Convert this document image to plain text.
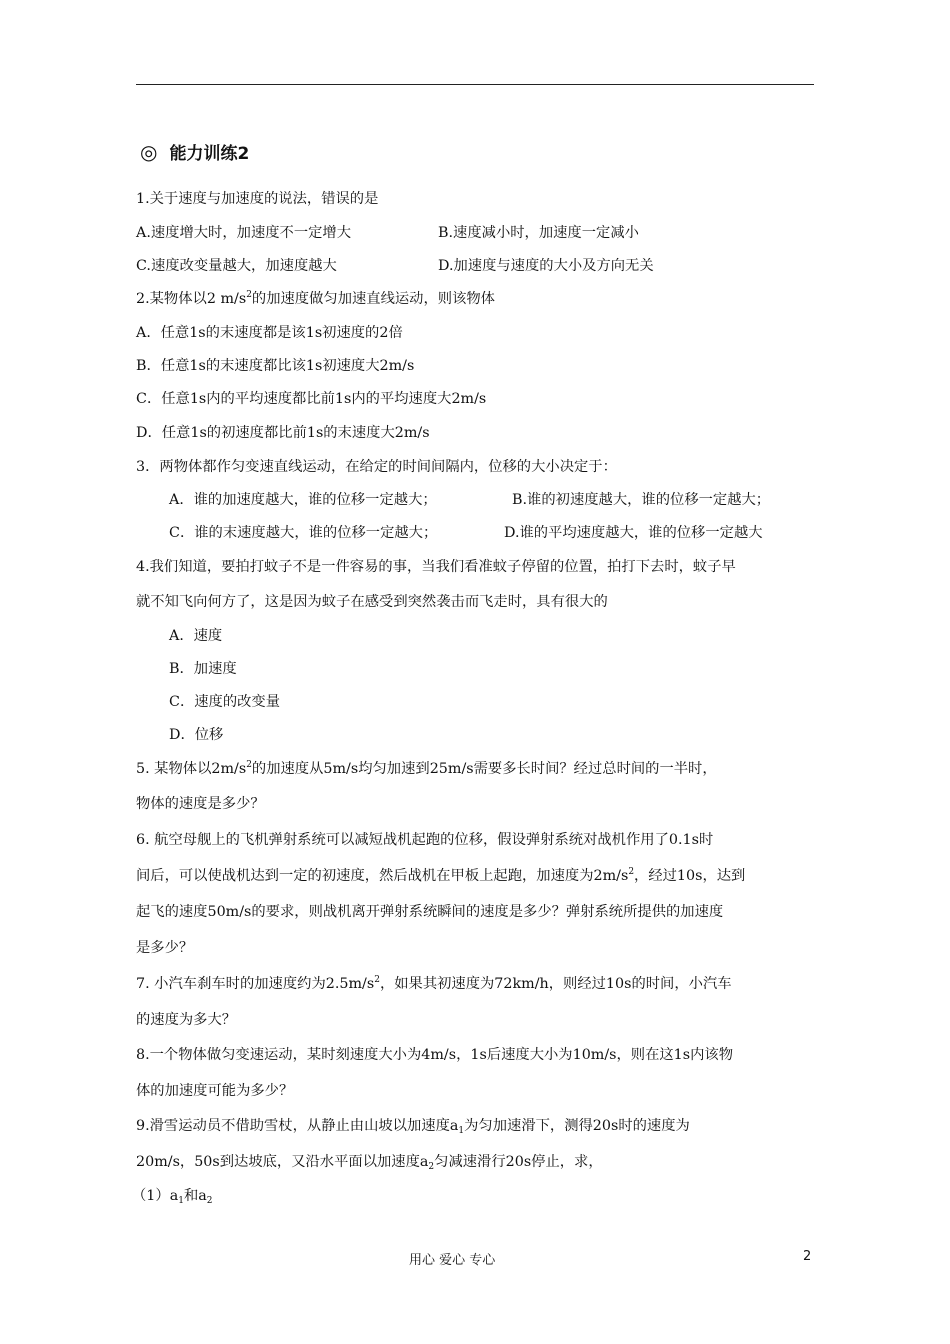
◎ 能力训练2
1.关于速度与加速度的说法，错误的是
A.速度增大时，加速度不一定增大	B.速度减小时，加速度一定减小
C.速度改变量越大，加速度越大	D.加速度与速度的大小及方向无关
2.某物体以2 $m/s^2$的加速度做匀加速直线运动，则该物体
A．任意1s的末速度都是该1s初速度的2倍
B．任意1s的末速度都比该1s初速度大2m/s
C．任意1s内的平均速度都比前1s内的平均速度大2m/s
D．任意1s的初速度都比前1s的末速度大2m/s
3．两物体都作匀变速直线运动，在给定的时间间隔内，位移的大小决定于：
A．谁的加速度越大，谁的位移一定越大；	B.谁的初速度越大，谁的位移一定越大；
C．谁的末速度越大，谁的位移一定越大；	D.谁的平均速度越大，谁的位移一定越大
4.我们知道，要拍打蚊子不是一件容易的事，当我们看准蚊子停留的位置，拍打下去时，蚊子早
就不知飞向何方了，这是因为蚊子在感受到突然袭击而飞走时，具有很大的
A．速度
B．加速度
C．速度的改变量
D．位移
5. 某物体以$2m/s^2$的加速度从5m/s均匀加速到25m/s需要多长时间？经过总时间的一半时，
物体的速度是多少？
6. 航空母舰上的飞机弹射系统可以减短战机起跑的位移，假设弹射系统对战机作用了0.1s时
间后，可以使战机达到一定的初速度，然后战机在甲板上起跑，加速度为$2m/s^2$，经过10s，达到
起飞的速度50m/s的要求，则战机离开弹射系统瞬间的速度是多少？弹射系统所提供的加速度
是多少？
7. 小汽车刹车时的加速度约为$2.5m/s^2$，如果其初速度为72km/h，则经过10s的时间，小汽车
的速度为多大？
8.一个物体做匀变速运动，某时刻速度大小为4m/s，1s后速度大小为10m/s，则在这1s内该物
体的加速度可能为多少？
9.滑雪运动员不借助雪杖，从静止由山坡以加速度$a_1$为匀加速滑下，测得20s时的速度为
20m/s，50s到达坡底，又沿水平面以加速度$a_2$匀减速滑行20s停止，求，
$(1)a_1$和$a_2$
用心 爱心 专心	2
